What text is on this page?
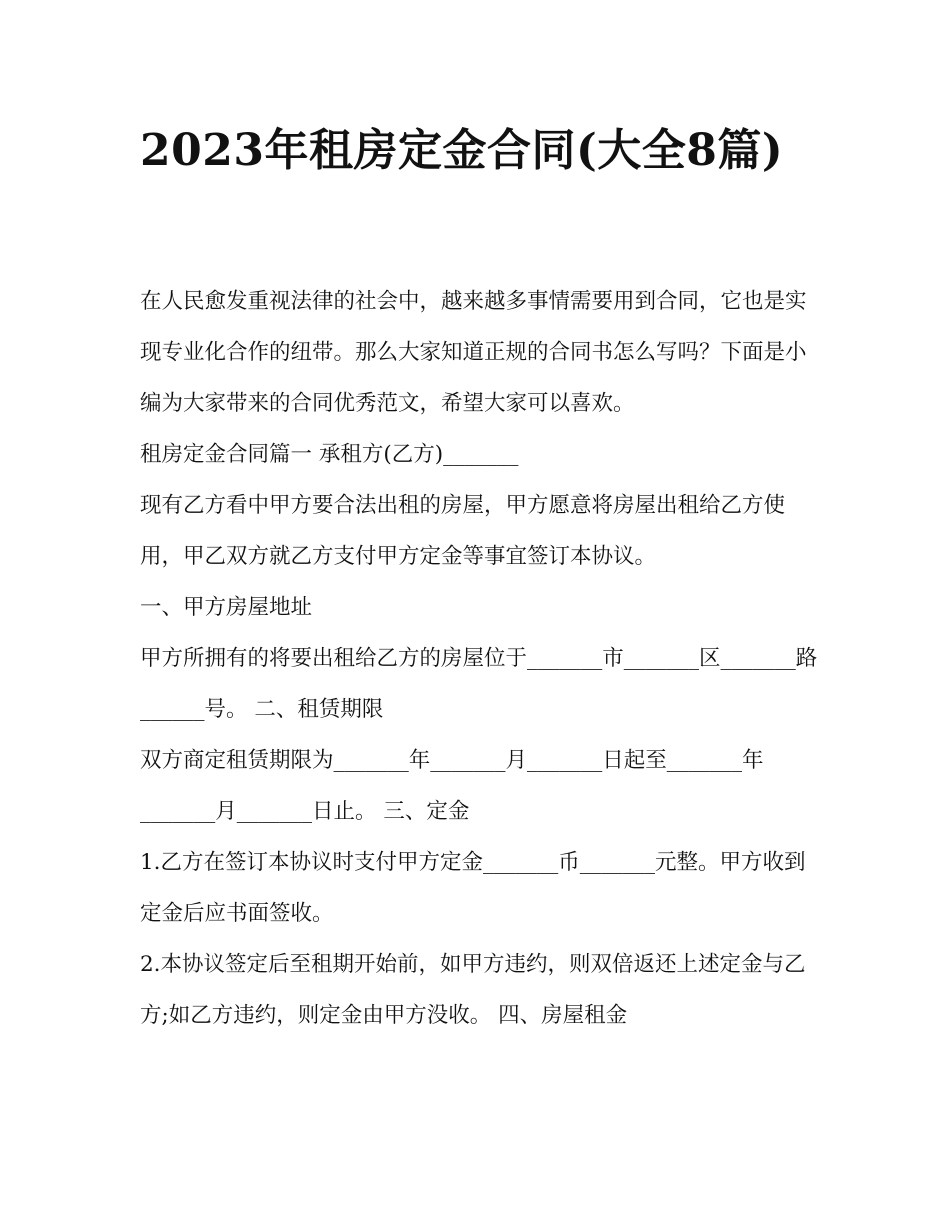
2023年租房定金合同(大全8篇)

在人民愈发重视法律的社会中，越来越多事情需要用到合同，它也是实现专业化合作的纽带。那么大家知道正规的合同书怎么写吗？下面是小编为大家带来的合同优秀范文，希望大家可以喜欢。

租房定金合同篇一 承租方(乙方)_______

现有乙方看中甲方要合法出租的房屋，甲方愿意将房屋出租给乙方使用，甲乙双方就乙方支付甲方定金等事宜签订本协议。

一、甲方房屋地址

甲方所拥有的将要出租给乙方的房屋位于_______市_______区_______路______号。 二、租赁期限

双方商定租赁期限为_______年_______月_______日起至_______年_______月_______日止。 三、定金

1.乙方在签订本协议时支付甲方定金_______币_______元整。甲方收到定金后应书面签收。

2.本协议签定后至租期开始前，如甲方违约，则双倍返还上述定金与乙方;如乙方违约，则定金由甲方没收。 四、房屋租金
